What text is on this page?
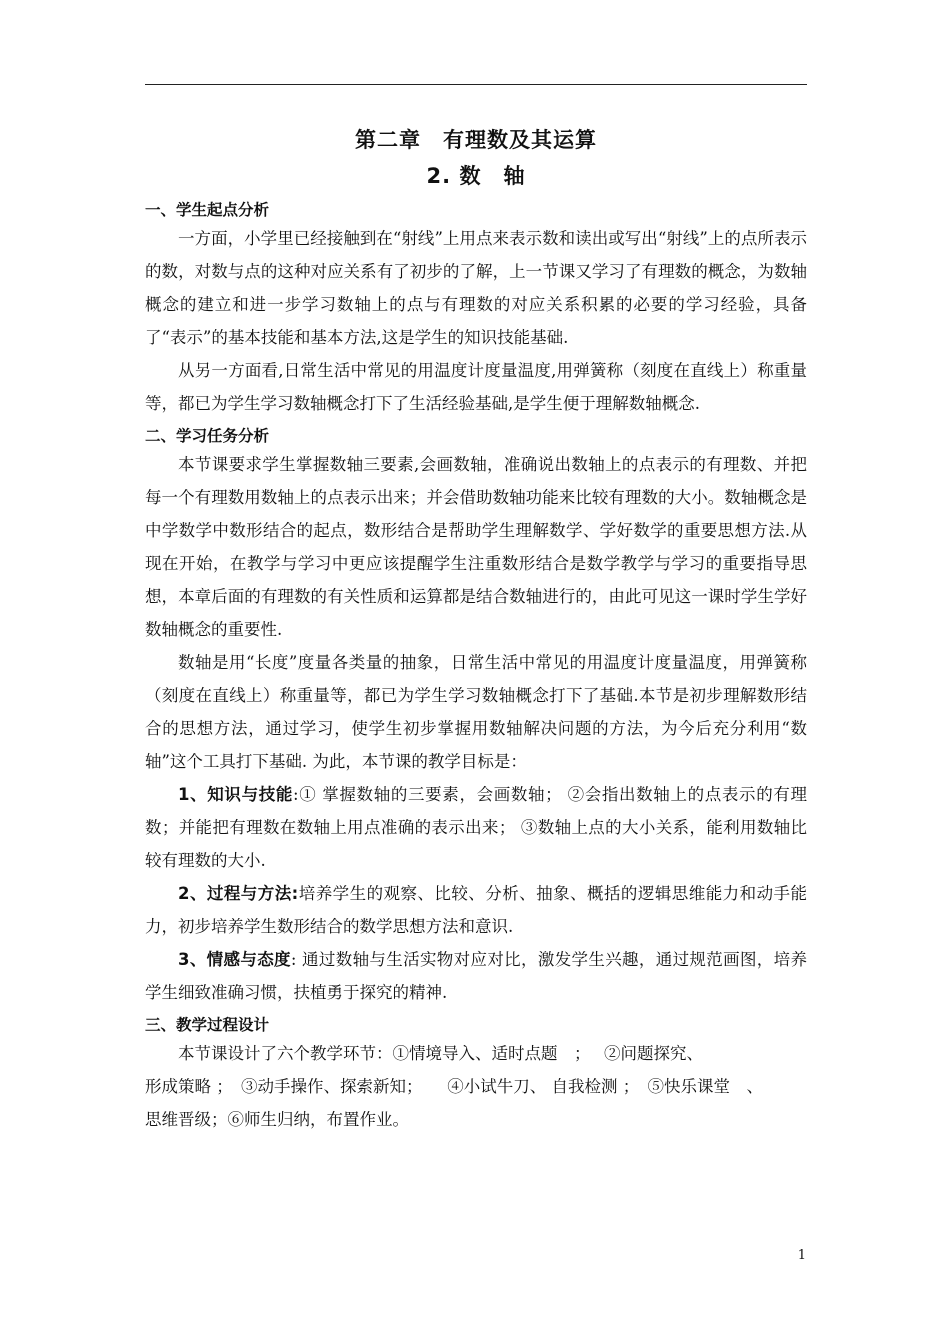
第二章　有理数及其运算
2. 数　轴

一、学生起点分析

一方面，小学里已经接触到在“射线”上用点来表示数和读出或写出“射线”上的点所表示的数，对数与点的这种对应关系有了初步的了解，上一节课又学习了有理数的概念，为数轴概念的建立和进一步学习数轴上的点与有理数的对应关系积累的必要的学习经验，具备了“表示”的基本技能和基本方法,这是学生的知识技能基础.

从另一方面看,日常生活中常见的用温度计度量温度,用弹簧称（刻度在直线上）称重量等，都已为学生学习数轴概念打下了生活经验基础,是学生便于理解数轴概念.

二、学习任务分析

本节课要求学生掌握数轴三要素,会画数轴，准确说出数轴上的点表示的有理数、并把每一个有理数用数轴上的点表示出来；并会借助数轴功能来比较有理数的大小。数轴概念是中学数学中数形结合的起点，数形结合是帮助学生理解数学、学好数学的重要思想方法.从现在开始，在教学与学习中更应该提醒学生注重数形结合是数学教学与学习的重要指导思想，本章后面的有理数的有关性质和运算都是结合数轴进行的，由此可见这一课时学生学好数轴概念的重要性.

数轴是用“长度”度量各类量的抽象，日常生活中常见的用温度计度量温度，用弹簧称（刻度在直线上）称重量等，都已为学生学习数轴概念打下了基础.本节是初步理解数形结合的思想方法，通过学习，使学生初步掌握用数轴解决问题的方法，为今后充分利用“数轴”这个工具打下基础. 为此，本节课的教学目标是：

1、知识与技能:① 掌握数轴的三要素，会画数轴； ②会指出数轴上的点表示的有理数；并能把有理数在数轴上用点准确的表示出来； ③数轴上点的大小关系，能利用数轴比较有理数的大小.

2、过程与方法:培养学生的观察、比较、分析、抽象、概括的逻辑思维能力和动手能力，初步培养学生数形结合的数学思想方法和意识.

3、情感与态度: 通过数轴与生活实物对应对比，激发学生兴趣，通过规范画图，培养学生细致准确习惯，扶植勇于探究的精神.

三、教学过程设计

本节课设计了六个教学环节：①情境导入、适时点题　；　 ②问题探究、

形成策略 ；　③动手操作、探索新知；　　④小试牛刀、 自我检测 ；　⑤快乐课堂　、

思维晋级；⑥师生归纳，布置作业。

1
